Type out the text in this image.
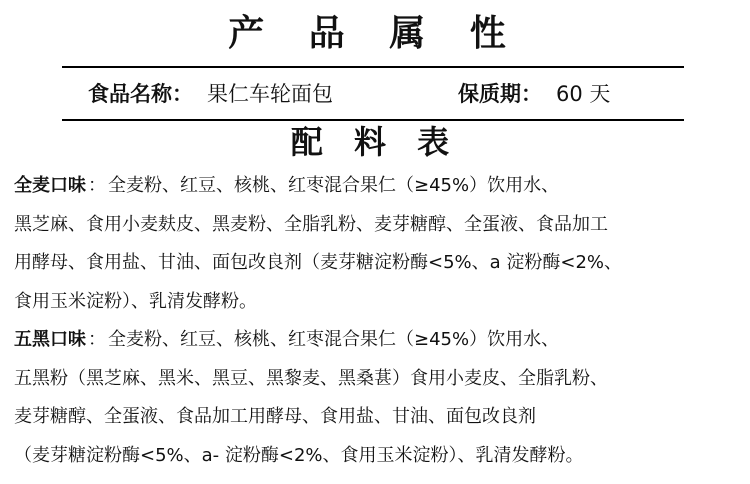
产 品 属 性
食品名称： 果仁车轮面包	保质期： 60 天
配 料 表
全麦口味 ： 全麦粉、红豆、核桃、红枣混合果仁（≥45%）饮用水、
黑芝麻、食用小麦麸皮、黑麦粉、全脂乳粉、麦芽糖醇、全蛋液、食品加工
用酵母、食用盐、甘油、面包改良剂（麦芽糖淀粉酶<5%、a 淀粉酶<2%、
食用玉米淀粉）、乳清发酵粉。
五黑口味 ： 全麦粉、红豆、核桃、红枣混合果仁（≥45%）饮用水、
五黑粉（黑芝麻、黑米、黑豆、黑黎麦、黑桑葚）食用小麦皮、全脂乳粉、
麦芽糖醇、全蛋液、食品加工用酵母、食用盐、甘油、面包改良剂
（麦芽糖淀粉酶<5%、a- 淀粉酶<2%、食用玉米淀粉）、乳清发酵粉。
